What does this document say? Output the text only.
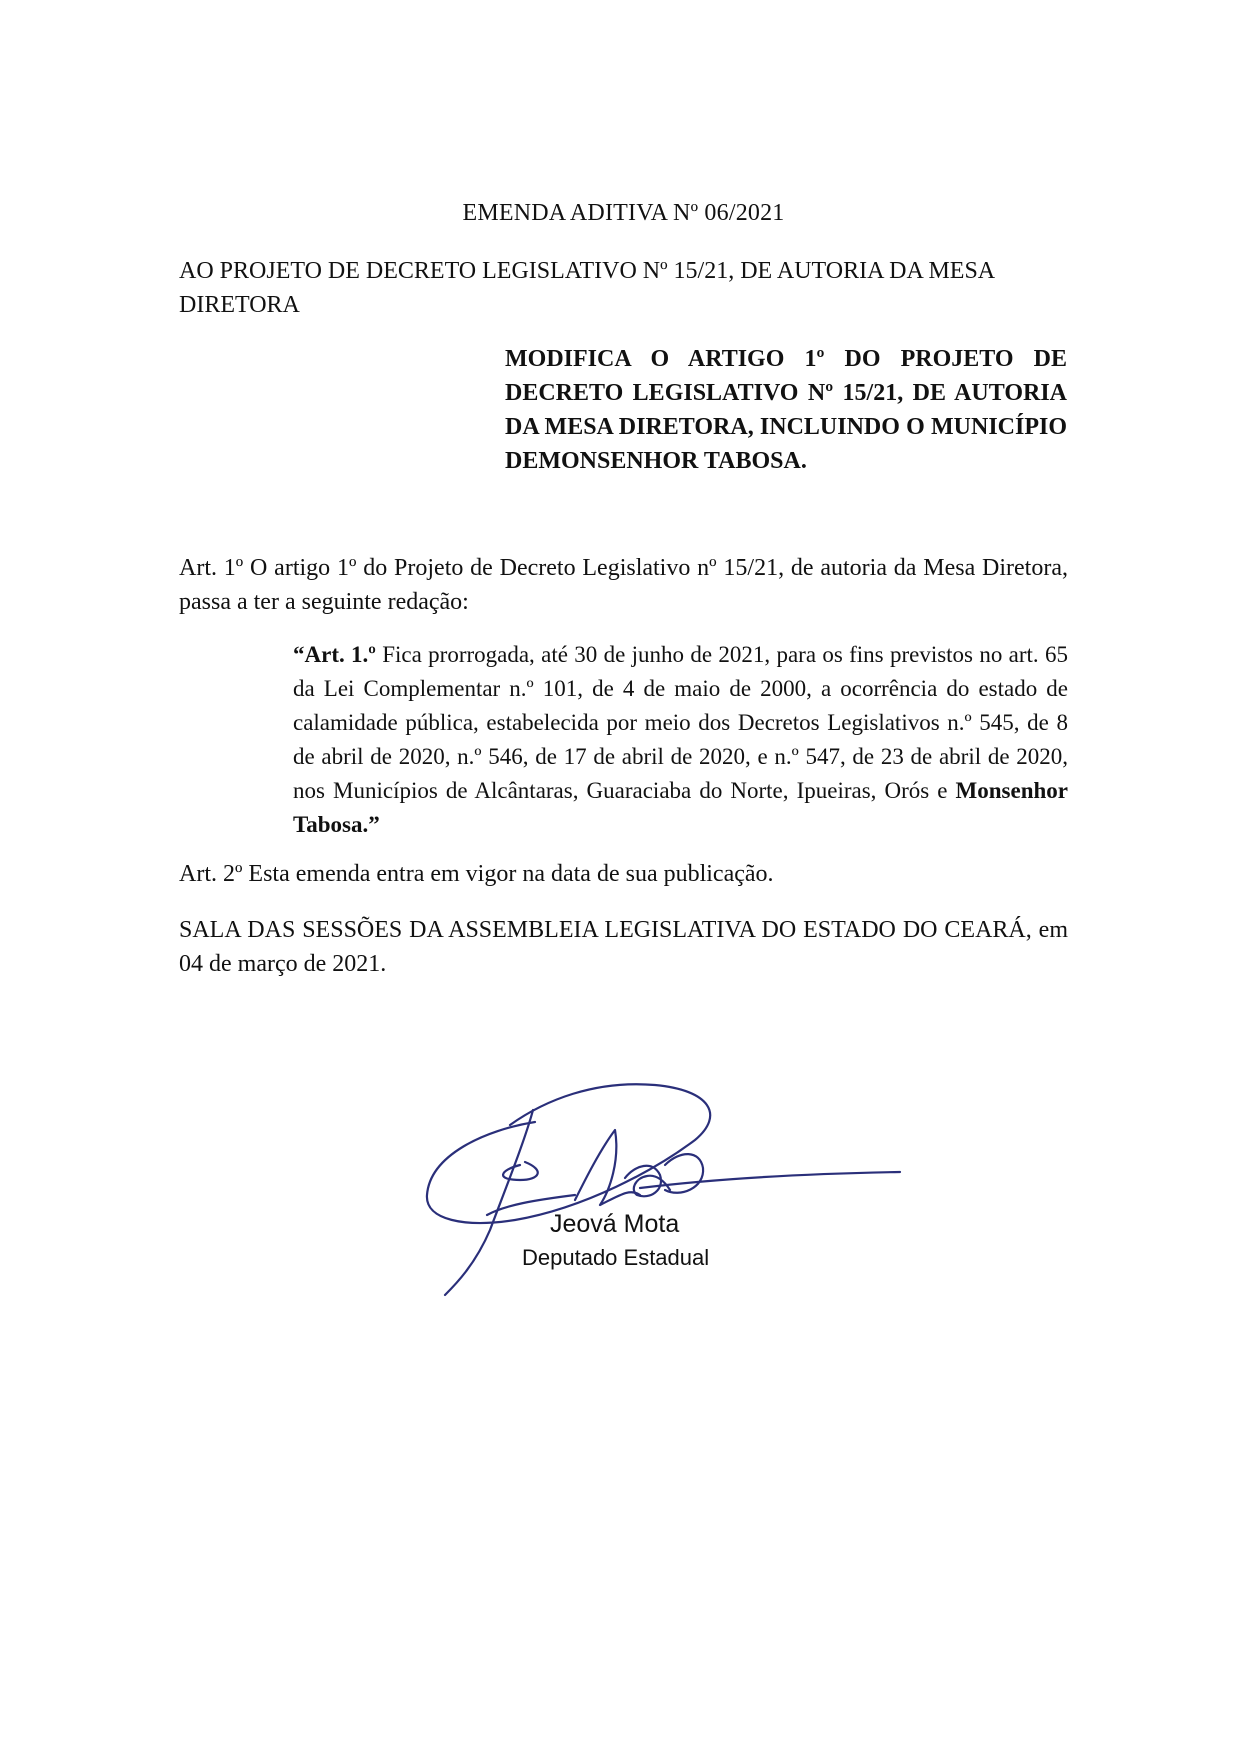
EMENDA ADITIVA Nº 06/2021
AO PROJETO DE DECRETO LEGISLATIVO Nº 15/21, DE AUTORIA DA MESA DIRETORA
MODIFICA O ARTIGO 1º DO PROJETO DE DECRETO LEGISLATIVO Nº 15/21, DE AUTORIA DA MESA DIRETORA, INCLUINDO O MUNICÍPIO DEMONSENHOR TABOSA.
Art. 1º O artigo 1º do Projeto de Decreto Legislativo nº 15/21, de autoria da Mesa Diretora, passa a ter a seguinte redação:
“Art. 1.º Fica prorrogada, até 30 de junho de 2021, para os fins previstos no art. 65 da Lei Complementar n.º 101, de 4 de maio de 2000, a ocorrência do estado de calamidade pública, estabelecida por meio dos Decretos Legislativos n.º 545, de 8 de abril de 2020, n.º 546, de 17 de abril de 2020, e n.º 547, de 23 de abril de 2020, nos Municípios de Alcântaras, Guaraciaba do Norte, Ipueiras, Orós e Monsenhor Tabosa.”
Art. 2º Esta emenda entra em vigor na data de sua publicação.
SALA DAS SESSÕES DA ASSEMBLEIA LEGISLATIVA DO ESTADO DO CEARÁ, em 04 de março de 2021.
Jeová Mota
Deputado Estadual
